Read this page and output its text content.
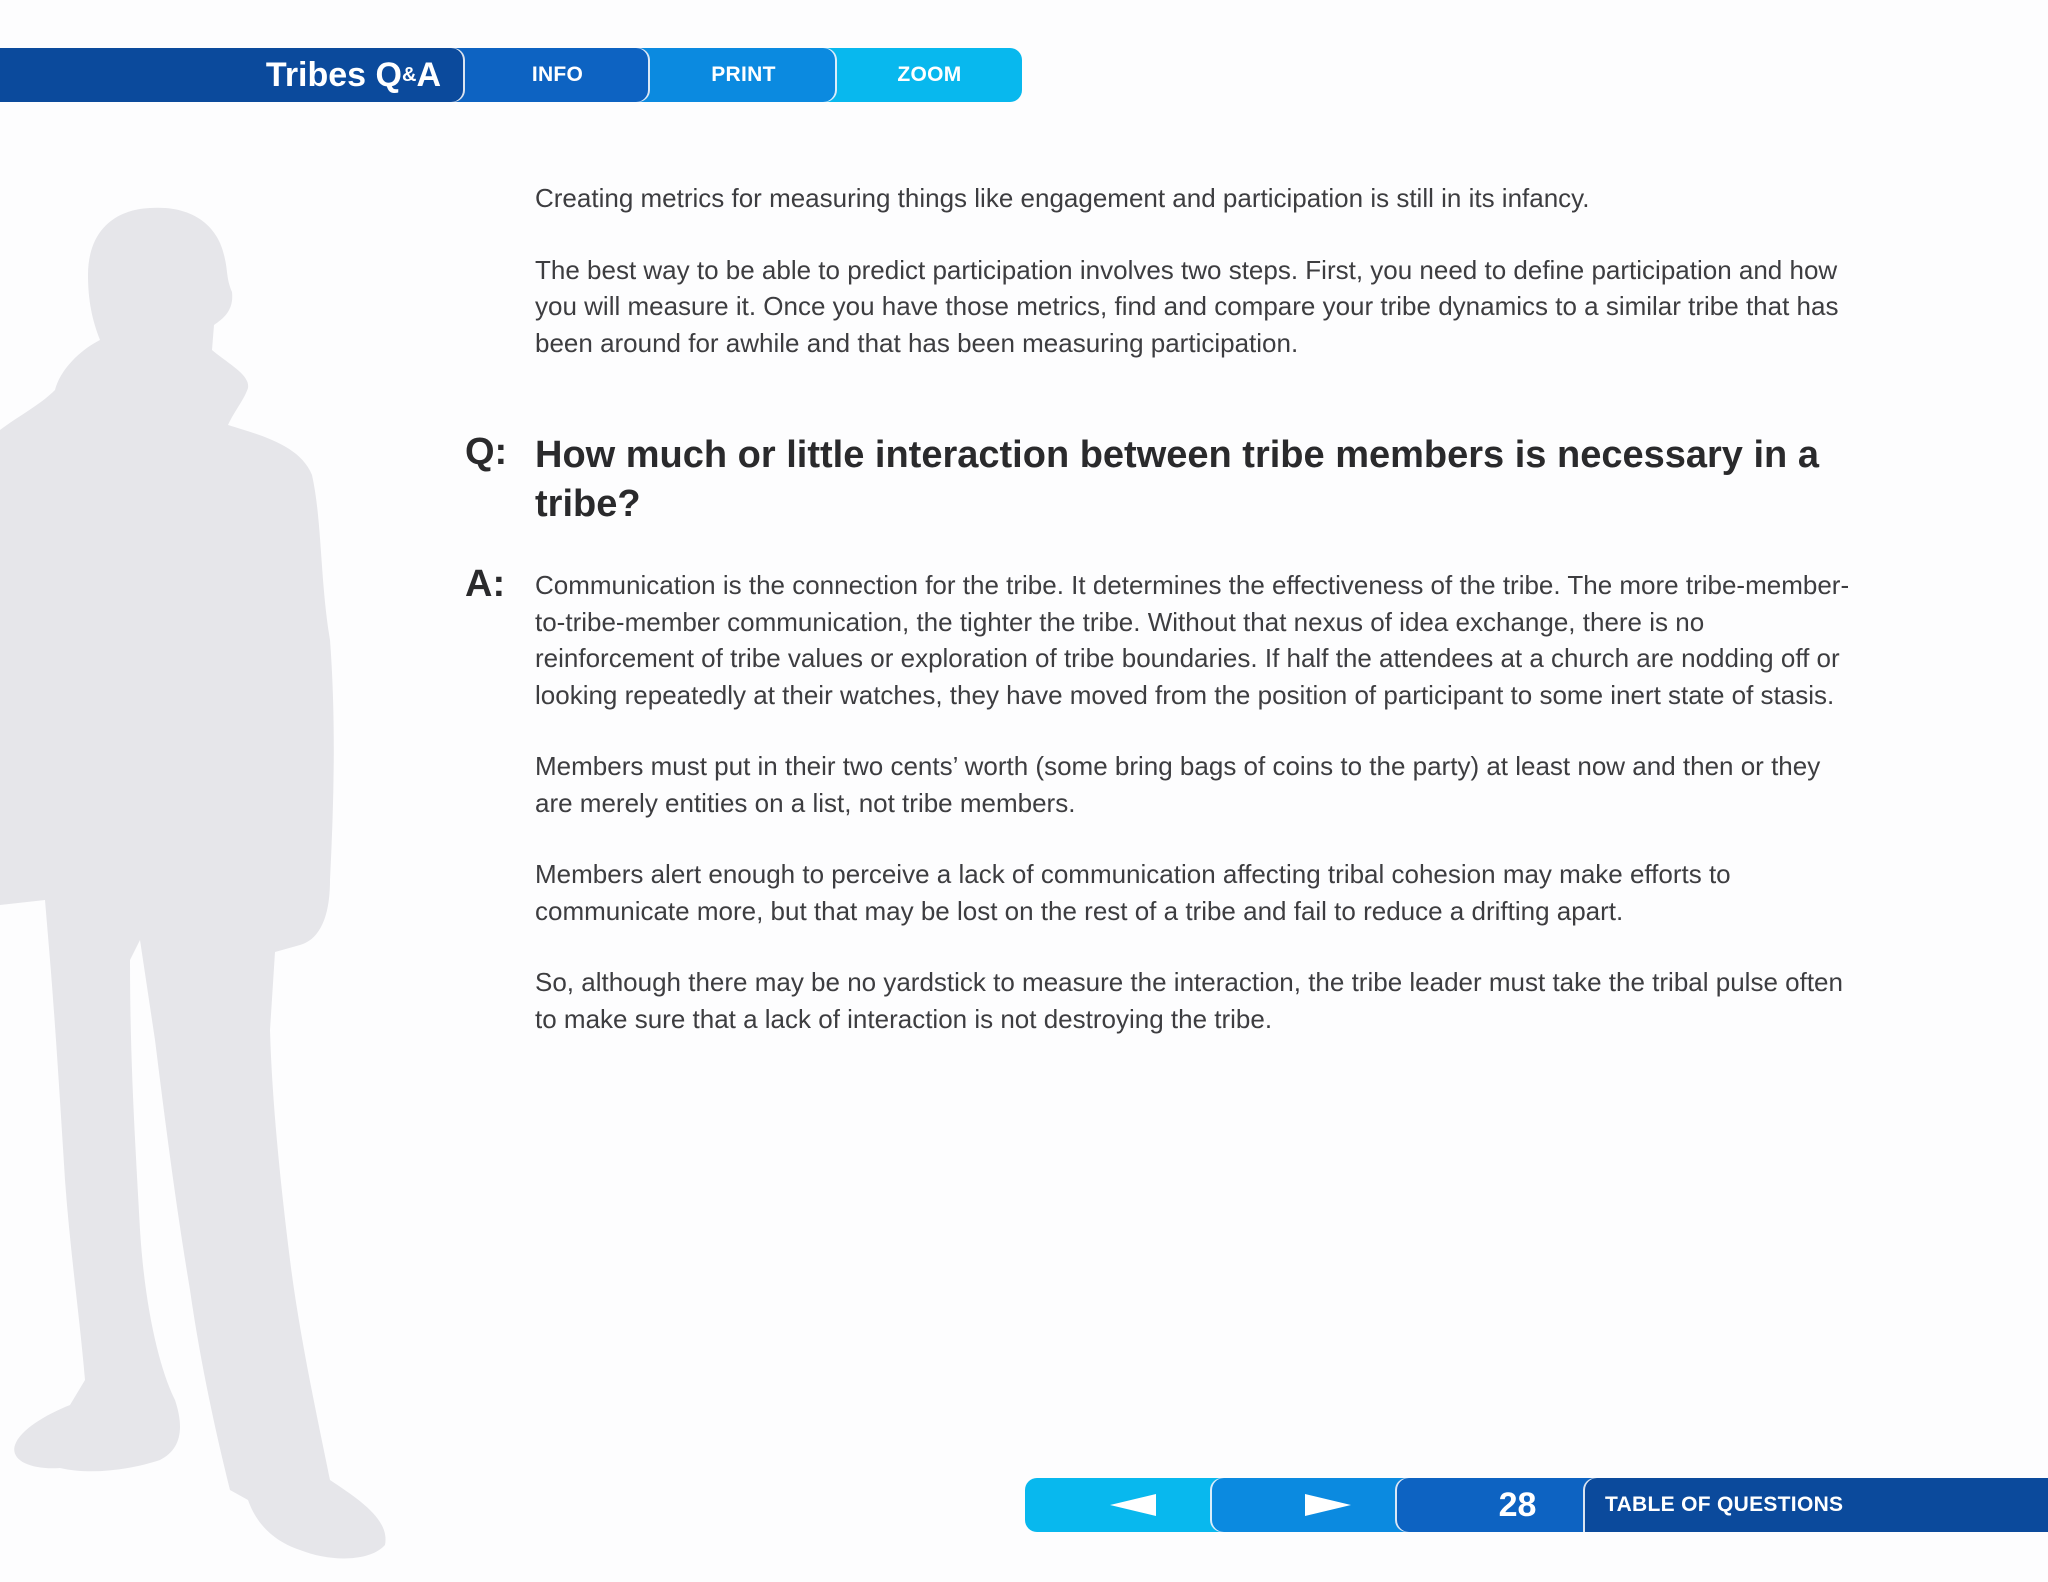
Tribes Q & A	INFO	PRINT	ZOOM

Creating metrics for measuring things like engagement and participation is still in its infancy.

The best way to be able to predict participation involves two steps. First, you need to define participation and how you will measure it. Once you have those metrics, find and compare your tribe dynamics to a similar tribe that has been around for awhile and that has been measuring participation.

Q: How much or little interaction between tribe members is necessary in a tribe?
A: Communication is the connection for the tribe. It determines the effectiveness of the tribe. The more tribe-member-to-tribe-member communication, the tighter the tribe. Without that nexus of idea exchange, there is no reinforcement of tribe values or exploration of tribe boundaries. If half the attendees at a church are nodding off or looking repeatedly at their watches, they have moved from the position of participant to some inert state of stasis.

Members must put in their two cents’ worth (some bring bags of coins to the party) at least now and then or they are merely entities on a list, not tribe members.

Members alert enough to perceive a lack of communication affecting tribal cohesion may make efforts to communicate more, but that may be lost on the rest of a tribe and fail to reduce a drifting apart.

So, although there may be no yardstick to measure the interaction, the tribe leader must take the tribal pulse often to make sure that a lack of interaction is not destroying the tribe.

28	TABLE OF QUESTIONS
